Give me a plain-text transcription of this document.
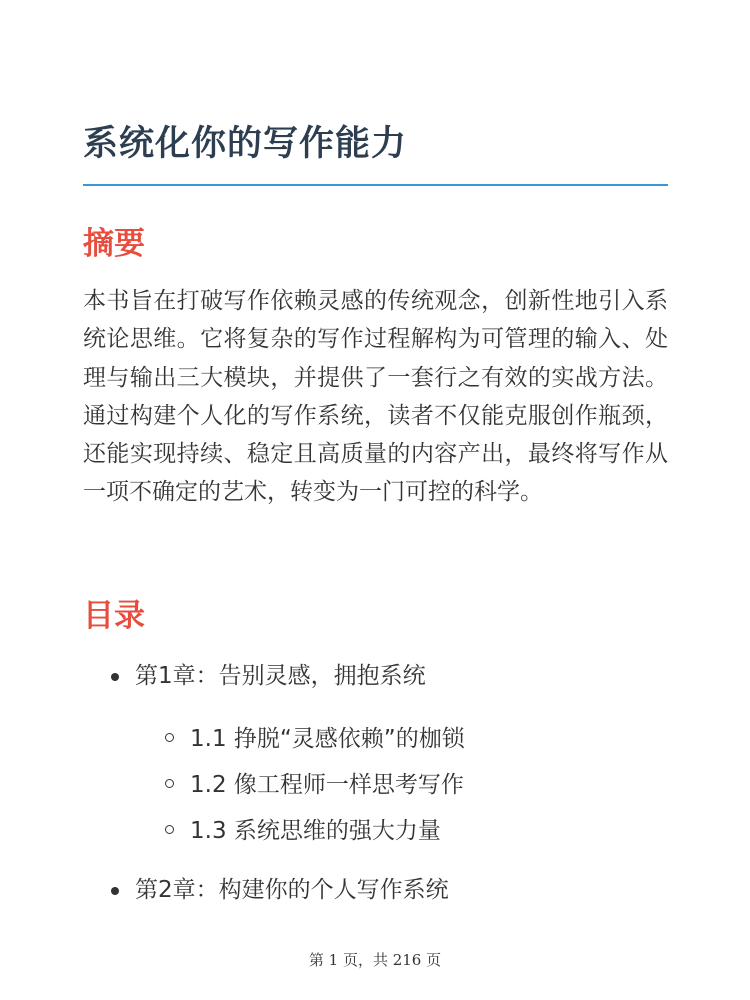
系统化你的写作能力
摘要

本书旨在打破写作依赖灵感的传统观念，创新性地引入系统论思维。它将复杂的写作过程解构为可管理的输入、处理与输出三大模块，并提供了一套行之有效的实战方法。通过构建个人化的写作系统，读者不仅能克服创作瓶颈，还能实现持续、稳定且高质量的内容产出，最终将写作从一项不确定的艺术，转变为一门可控的科学。

目录
第1章：告别灵感，拥抱系统
1.1 挣脱“灵感依赖”的枷锁
1.2 像工程师一样思考写作
1.3 系统思维的强大力量
第2章：构建你的个人写作系统
第 1 页，共 216 页
